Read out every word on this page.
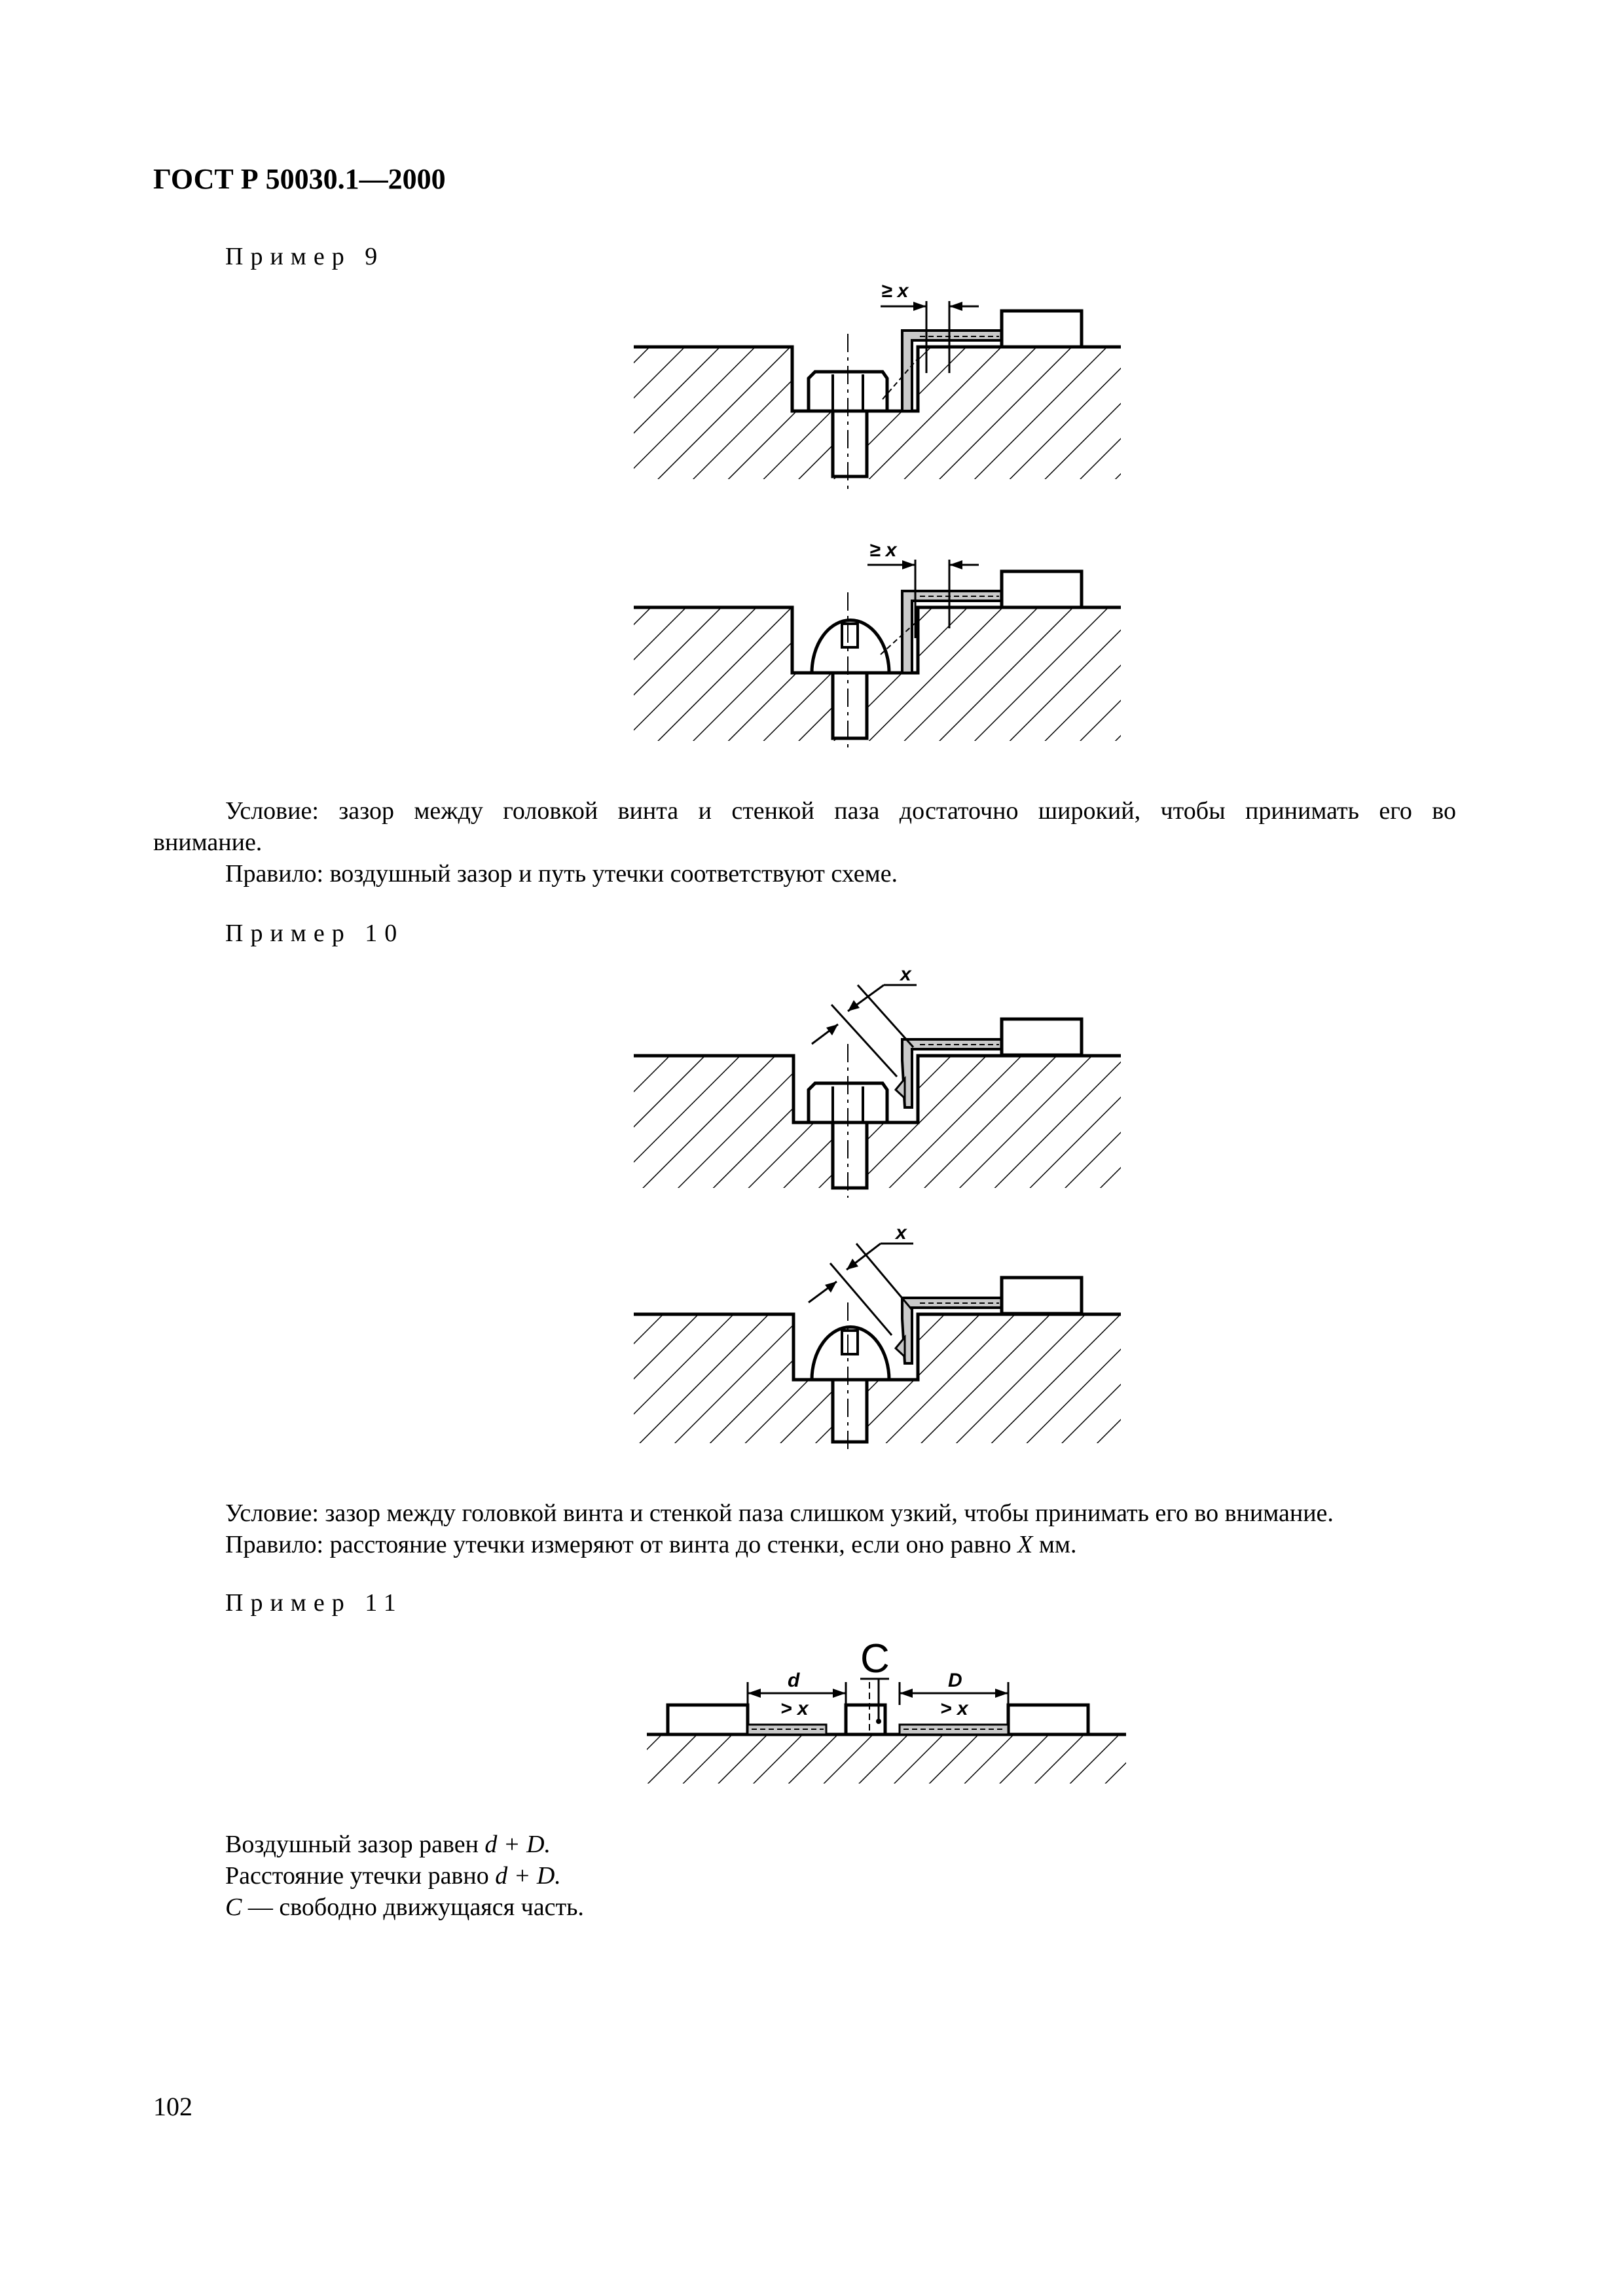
ГОСТ Р 50030.1—2000
Пример 9
≥ x
≥ x
Условие: зазор между головкой винта и стенкой паза достаточно широкий, чтобы принимать его во
внимание.
Правило: воздушный зазор и путь утечки соответствуют схеме.
Пример 10
x
x
Условие: зазор между головкой винта и стенкой паза слишком узкий, чтобы принимать его во внимание.
Правило: расстояние утечки измеряют от винта до стенки, если оно равно X мм.
Пример 11
C
d
> x
D
> x
Воздушный зазор равен d + D.
Расстояние утечки равно d + D.
C — свободно движущаяся часть.
102
